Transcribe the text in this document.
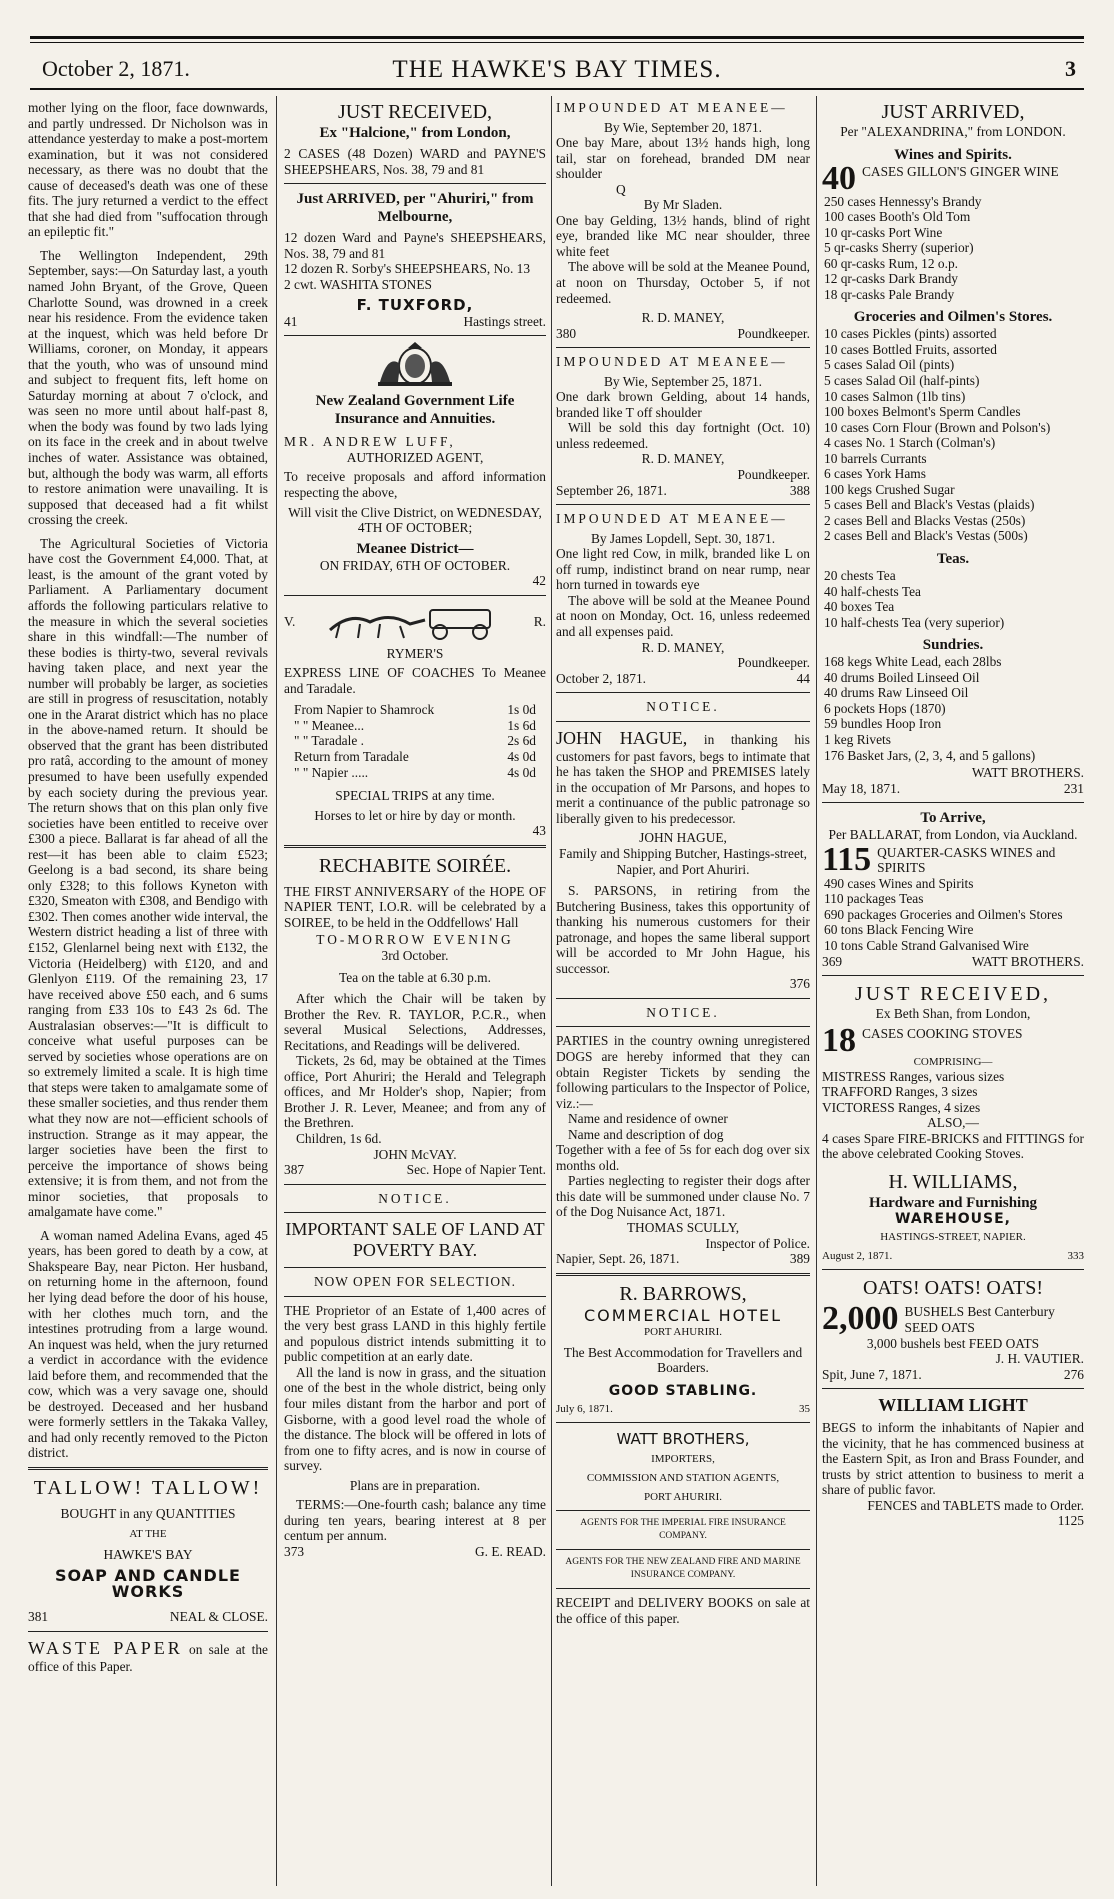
October 2, 1871.	THE HAWKE'S BAY TIMES.	3

mother lying on the floor, face downwards, and partly undressed. Dr Nicholson was in attendance yesterday to make a post-mortem examination, but it was not considered necessary, as there was no doubt that the cause of deceased's death was one of these fits. The jury returned a verdict to the effect that she had died from "suffocation through an epileptic fit."

The Wellington Independent, 29th September, says:—On Saturday last, a youth named John Bryant, of the Grove, Queen Charlotte Sound, was drowned in a creek near his residence. From the evidence taken at the inquest, which was held before Dr Williams, coroner, on Monday, it appears that the youth, who was of unsound mind and subject to frequent fits, left home on Saturday morning at about 7 o'clock, and was seen no more until about half-past 8, when the body was found by two lads lying on its face in the creek and in about twelve inches of water. Assistance was obtained, but, although the body was warm, all efforts to restore animation were unavailing. It is supposed that deceased had a fit whilst crossing the creek.

The Agricultural Societies of Victoria have cost the Government £4,000. That, at least, is the amount of the grant voted by Parliament. A Parliamentary document affords the following particulars relative to the measure in which the several societies share in this windfall:—The number of these bodies is thirty-two, several revivals having taken place, and next year the number will probably be larger, as societies are still in progress of resuscitation, notably one in the Ararat district which has no place in the above-named return. It should be observed that the grant has been distributed pro ratâ, according to the amount of money presumed to have been usefully expended by each society during the previous year. The return shows that on this plan only five societies have been entitled to receive over £300 a piece. Ballarat is far ahead of all the rest—it has been able to claim £523; Geelong is a bad second, its share being only £328; to this follows Kyneton with £320, Smeaton with £308, and Bendigo with £302. Then comes another wide interval, the Western district heading a list of three with £152, Glenlarnel being next with £132, the Victoria (Heidelberg) with £120, and and Glenlyon £119. Of the remaining 23, 17 have received above £50 each, and 6 sums ranging from £33 10s to £43 2s 6d. The Australasian observes:—"It is difficult to conceive what useful purposes can be served by societies whose operations are on so extremely limited a scale. It is high time that steps were taken to amalgamate some of these smaller societies, and thus render them what they now are not—efficient schools of instruction. Strange as it may appear, the larger societies have been the first to perceive the importance of shows being extensive; it is from them, and not from the minor societies, that proposals to amalgamate have come."

A woman named Adelina Evans, aged 45 years, has been gored to death by a cow, at Shakspeare Bay, near Picton. Her husband, on returning home in the afternoon, found her lying dead before the door of his house, with her clothes much torn, and the intestines protruding from a large wound. An inquest was held, when the jury returned a verdict in accordance with the evidence laid before them, and recommended that the cow, which was a very savage one, should be destroyed. Deceased and her husband were formerly settlers in the Takaka Valley, and had only recently removed to the Picton district.

TALLOW! TALLOW!

BOUGHT in any QUANTITIES

AT THE

HAWKE'S BAY

SOAP AND CANDLE WORKS

381	NEAL & CLOSE.

WASTE PAPER on sale at the office of this Paper.

JUST RECEIVED,

Ex "Halcione," from London,

2 CASES (48 Dozen) WARD and PAYNE'S SHEEPSHEARS, Nos. 38, 79 and 81

Just ARRIVED, per "Ahuriri," from Melbourne,

12 dozen Ward and Payne's SHEEPSHEARS, Nos. 38, 79 and 81

12 dozen R. Sorby's SHEEPSHEARS, No. 13

2 cwt. WASHITA STONES

F. TUXFORD,

41	Hastings street.

New Zealand Government Life Insurance and Annuities.

MR. ANDREW LUFF,

AUTHORIZED AGENT,

To receive proposals and afford information respecting the above,

Will visit the Clive District, on WEDNESDAY, 4TH OF OCTOBER;

Meanee District—

ON FRIDAY, 6TH OF OCTOBER.

42

V.	R.

RYMER'S

EXPRESS LINE OF COACHES To Meanee and Taradale.

From Napier to Shamrock	1s 0d
" " Meanee...	1s 6d
" " Taradale .	2s 6d
Return from Taradale	4s 0d
" " Napier .....	4s 0d

SPECIAL TRIPS at any time.

Horses to let or hire by day or month.

43

RECHABITE SOIRÉE.

THE FIRST ANNIVERSARY of the HOPE OF NAPIER TENT, I.O.R. will be celebrated by a SOIREE, to be held in the Oddfellows' Hall

TO-MORROW EVENING

3rd October.

Tea on the table at 6.30 p.m.

After which the Chair will be taken by Brother the Rev. R. TAYLOR, P.C.R., when several Musical Selections, Addresses, Recitations, and Readings will be delivered.

Tickets, 2s 6d, may be obtained at the Times office, Port Ahuriri; the Herald and Telegraph offices, and Mr Holder's shop, Napier; from Brother J. R. Lever, Meanee; and from any of the Brethren.

Children, 1s 6d.

JOHN McVAY.

387	Sec. Hope of Napier Tent.

NOTICE.

IMPORTANT SALE OF LAND AT POVERTY BAY.

NOW OPEN FOR SELECTION.

THE Proprietor of an Estate of 1,400 acres of the very best grass LAND in this highly fertile and populous district intends submitting it to public competition at an early date.

All the land is now in grass, and the situation one of the best in the whole district, being only four miles distant from the harbor and port of Gisborne, with a good level road the whole of the distance. The block will be offered in lots of from one to fifty acres, and is now in course of survey.

Plans are in preparation.

TERMS:—One-fourth cash; balance any time during ten years, bearing interest at 8 per centum per annum.

373	G. E. READ.

IMPOUNDED AT MEANEE—

By Wie, September 20, 1871.

One bay Mare, about 13½ hands high, long tail, star on forehead, branded DM near shoulder

Q

By Mr Sladen.

One bay Gelding, 13½ hands, blind of right eye, branded like MC near shoulder, three white feet

The above will be sold at the Meanee Pound, at noon on Thursday, October 5, if not redeemed.

R. D. MANEY,

380	Poundkeeper.

IMPOUNDED AT MEANEE—

By Wie, September 25, 1871.

One dark brown Gelding, about 14 hands, branded like T off shoulder

Will be sold this day fortnight (Oct. 10) unless redeemed.

R. D. MANEY,

Poundkeeper.

September 26, 1871.	388

IMPOUNDED AT MEANEE—

By James Lopdell, Sept. 30, 1871.

One light red Cow, in milk, branded like L on off rump, indistinct brand on near rump, near horn turned in towards eye

The above will be sold at the Meanee Pound at noon on Monday, Oct. 16, unless redeemed and all expenses paid.

R. D. MANEY,

Poundkeeper.

October 2, 1871.	44

NOTICE.

JOHN HAGUE, in thanking his customers for past favors, begs to intimate that he has taken the SHOP and PREMISES lately in the occupation of Mr Parsons, and hopes to merit a continuance of the public patronage so liberally given to his predecessor.

JOHN HAGUE,

Family and Shipping Butcher, Hastings-street, Napier, and Port Ahuriri.

S. PARSONS, in retiring from the Butchering Business, takes this opportunity of thanking his numerous customers for their patronage, and hopes the same liberal support will be accorded to Mr John Hague, his successor.

376

NOTICE.

PARTIES in the country owning unregistered DOGS are hereby informed that they can obtain Register Tickets by sending the following particulars to the Inspector of Police, viz.:—

Name and residence of owner

Name and description of dog

Together with a fee of 5s for each dog over six months old.

Parties neglecting to register their dogs after this date will be summoned under clause No. 7 of the Dog Nuisance Act, 1871.

THOMAS SCULLY,

Inspector of Police.

Napier, Sept. 26, 1871.	389

R. BARROWS,

COMMERCIAL HOTEL

PORT AHURIRI.

The Best Accommodation for Travellers and Boarders.

GOOD STABLING.

July 6, 1871.	35

WATT BROTHERS,

IMPORTERS,

COMMISSION AND STATION AGENTS,

PORT AHURIRI.

AGENTS FOR THE IMPERIAL FIRE INSURANCE COMPANY.

AGENTS FOR THE NEW ZEALAND FIRE AND MARINE INSURANCE COMPANY.

RECEIPT and DELIVERY BOOKS on sale at the office of this paper.

JUST ARRIVED,

Per "ALEXANDRINA," from LONDON.

Wines and Spirits.

40 CASES GILLON'S GINGER WINE

250 cases Hennessy's Brandy

100 cases Booth's Old Tom

10 qr-casks Port Wine

5 qr-casks Sherry (superior)

60 qr-casks Rum, 12 o.p.

12 qr-casks Dark Brandy

18 qr-casks Pale Brandy

Groceries and Oilmen's Stores.

10 cases Pickles (pints) assorted

10 cases Bottled Fruits, assorted

5 cases Salad Oil (pints)

5 cases Salad Oil (half-pints)

10 cases Salmon (1lb tins)

100 boxes Belmont's Sperm Candles

10 cases Corn Flour (Brown and Polson's)

4 cases No. 1 Starch (Colman's)

10 barrels Currants

6 cases York Hams

100 kegs Crushed Sugar

5 cases Bell and Black's Vestas (plaids)

2 cases Bell and Blacks Vestas (250s)

2 cases Bell and Black's Vestas (500s)

Teas.

20 chests Tea

40 half-chests Tea

40 boxes Tea

10 half-chests Tea (very superior)

Sundries.

168 kegs White Lead, each 28lbs

40 drums Boiled Linseed Oil

40 drums Raw Linseed Oil

6 pockets Hops (1870)

59 bundles Hoop Iron

1 keg Rivets

176 Basket Jars, (2, 3, 4, and 5 gallons)

WATT BROTHERS.

May 18, 1871.	231

To Arrive,

Per BALLARAT, from London, via Auckland.

115 QUARTER-CASKS WINES and SPIRITS

490 cases Wines and Spirits

110 packages Teas

690 packages Groceries and Oilmen's Stores

60 tons Black Fencing Wire

10 tons Cable Strand Galvanised Wire

369	WATT BROTHERS.

JUST RECEIVED,

Ex Beth Shan, from London,

18 CASES COOKING STOVES

COMPRISING—

MISTRESS Ranges, various sizes

TRAFFORD Ranges, 3 sizes

VICTORESS Ranges, 4 sizes

ALSO,—

4 cases Spare FIRE-BRICKS and FITTINGS for the above celebrated Cooking Stoves.

H. WILLIAMS,

Hardware and Furnishing

WAREHOUSE,

HASTINGS-STREET, NAPIER.

August 2, 1871.	333

OATS! OATS! OATS!

2,000 BUSHELS Best Canterbury SEED OATS

3,000 bushels best FEED OATS

J. H. VAUTIER.

Spit, June 7, 1871.	276

WILLIAM LIGHT

BEGS to inform the inhabitants of Napier and the vicinity, that he has commenced business at the Eastern Spit, as Iron and Brass Founder, and trusts by strict attention to business to merit a share of public favor.

FENCES and TABLETS made to Order.

1125
